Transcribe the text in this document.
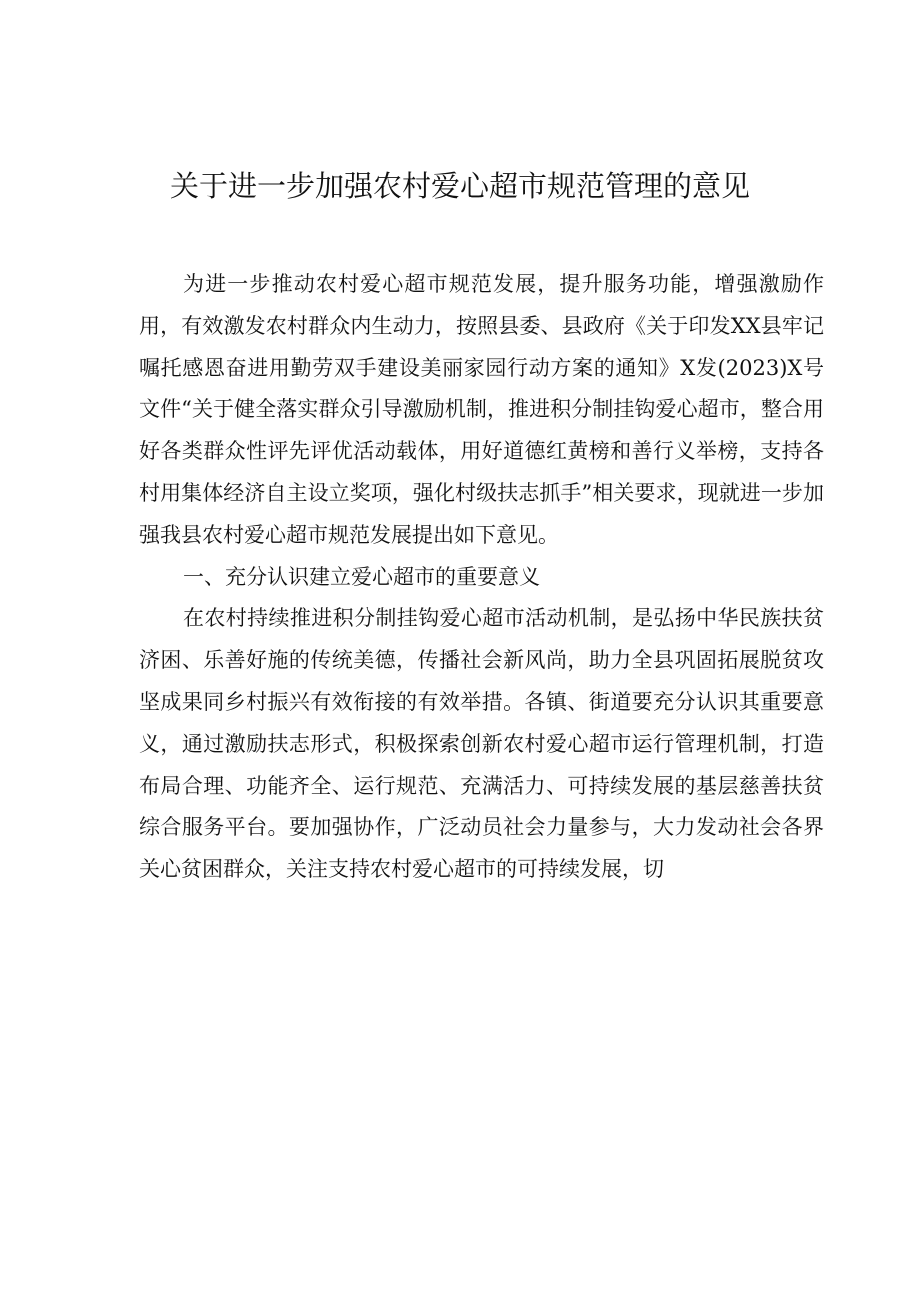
关于进一步加强农村爱心超市规范管理的意见

为进一步推动农村爱心超市规范发展，提升服务功能，增强激励作用，有效激发农村群众内生动力，按照县委、县政府《关于印发XX县牢记嘱托感恩奋进用勤劳双手建设美丽家园行动方案的通知》X发(2023)X号文件“关于健全落实群众引导激励机制，推进积分制挂钩爱心超市，整合用好各类群众性评先评优活动载体，用好道德红黄榜和善行义举榜，支持各村用集体经济自主设立奖项，强化村级扶志抓手”相关要求，现就进一步加强我县农村爱心超市规范发展提出如下意见。

一、充分认识建立爱心超市的重要意义

在农村持续推进积分制挂钩爱心超市活动机制，是弘扬中华民族扶贫济困、乐善好施的传统美德，传播社会新风尚，助力全县巩固拓展脱贫攻坚成果同乡村振兴有效衔接的有效举措。各镇、街道要充分认识其重要意义，通过激励扶志形式，积极探索创新农村爱心超市运行管理机制，打造布局合理、功能齐全、运行规范、充满活力、可持续发展的基层慈善扶贫综合服务平台。要加强协作，广泛动员社会力量参与，大力发动社会各界关心贫困群众，关注支持农村爱心超市的可持续发展，切
